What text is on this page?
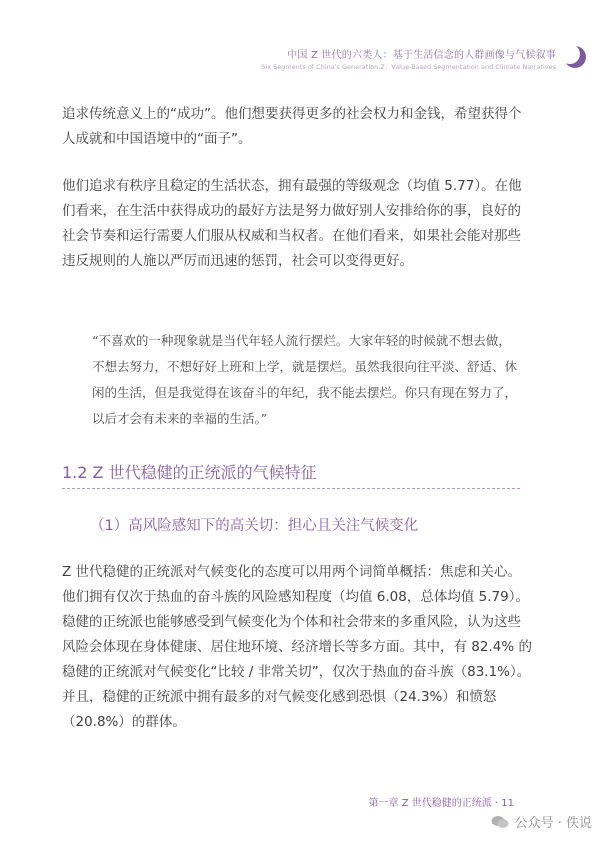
中国 Z 世代的六类人：基于生活信念的人群画像与气候叙事
Six Segments of China's Generation Z：Value-Based Segmentation and Climate Narratives
追求传统意义上的“成功”。他们想要获得更多的社会权力和金钱，希望获得个人成就和中国语境中的“面子”。
他们追求有秩序且稳定的生活状态，拥有最强的等级观念（均值 5.77）。在他们看来，在生活中获得成功的最好方法是努力做好别人安排给你的事，良好的社会节奏和运行需要人们服从权威和当权者。在他们看来，如果社会能对那些违反规则的人施以严厉而迅速的惩罚，社会可以变得更好。
“不喜欢的一种现象就是当代年轻人流行摆烂。大家年轻的时候就不想去做，不想去努力，不想好好上班和上学，就是摆烂。虽然我很向往平淡、舒适、休闲的生活，但是我觉得在该奋斗的年纪，我不能去摆烂。你只有现在努力了，以后才会有未来的幸福的生活。”
1.2 Z 世代稳健的正统派的气候特征
（1）高风险感知下的高关切：担心且关注气候变化
Z 世代稳健的正统派对气候变化的态度可以用两个词简单概括：焦虑和关心。他们拥有仅次于热血的奋斗族的风险感知程度（均值 6.08，总体均值 5.79）。稳健的正统派也能够感受到气候变化为个体和社会带来的多重风险，认为这些风险会体现在身体健康、居住地环境、经济增长等多方面。其中，有 82.4% 的稳健的正统派对气候变化“比较 / 非常关切”，仅次于热血的奋斗族（83.1%）。并且，稳健的正统派中拥有最多的对气候变化感到恐惧（24.3%）和愤怒（20.8%）的群体。
第一章 Z 世代稳健的正统派 · 11
公众号 · 佚说
